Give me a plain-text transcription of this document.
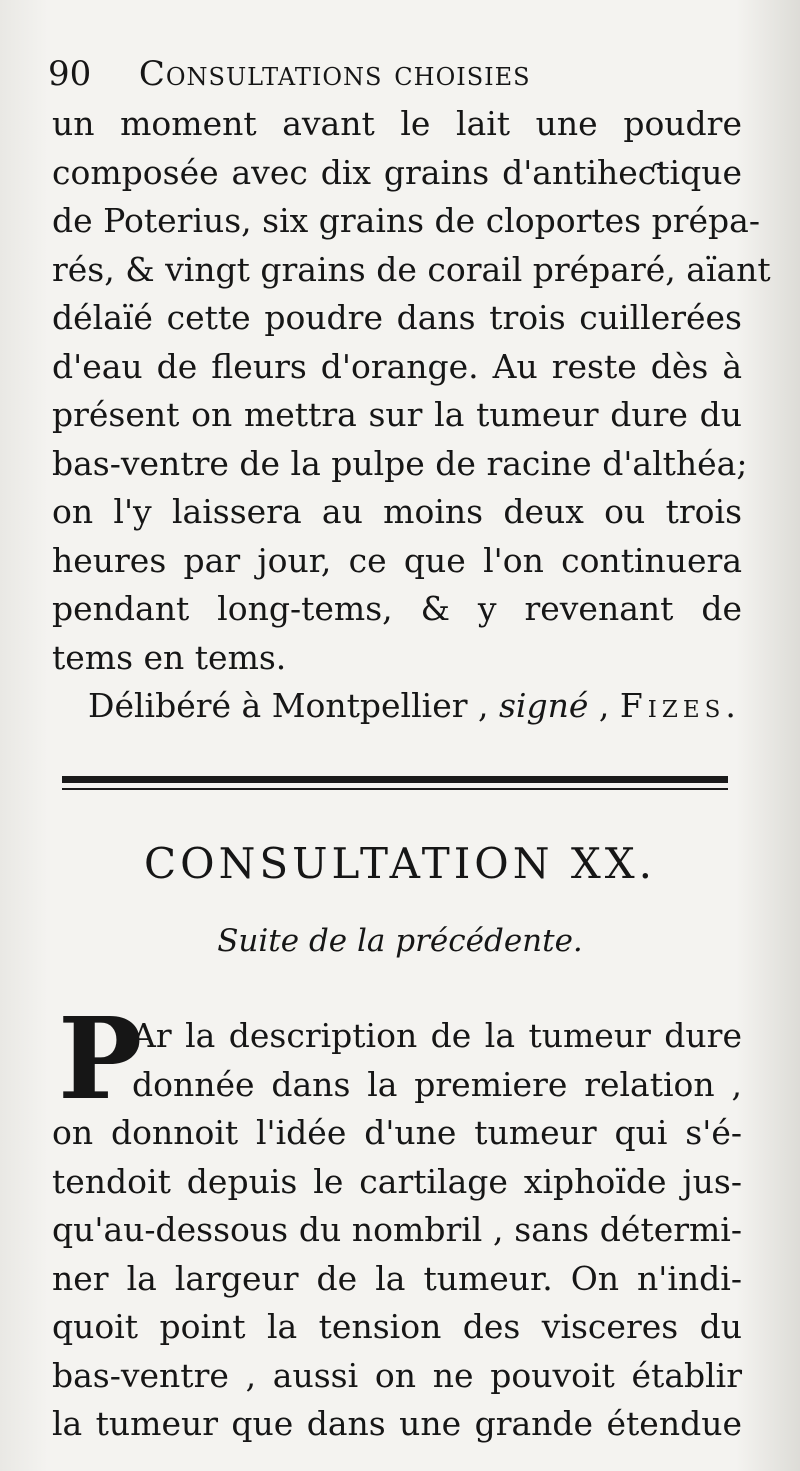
90 Consultations choisies
un moment avant le lait une poudre
composée avec dix grains d'antiheƈtique
de Poterius, six grains de cloportes prépa-
rés, & vingt grains de corail préparé, aïant
délaïé cette poudre dans trois cuillerées
d'eau de fleurs d'orange. Au reste dès à
présent on mettra sur la tumeur dure du
bas-ventre de la pulpe de racine d'althéa;
on l'y laissera au moins deux ou trois
heures par jour, ce que l'on continuera
pendant long-tems, & y revenant de
tems en tems.
Délibéré à Montpellier , signé , Fizes.
CONSULTATION XX.
Suite de la précédente.
P
Ar la description de la tumeur dure
donnée dans la premiere relation ,
on donnoit l'idée d'une tumeur qui s'é-
tendoit depuis le cartilage xiphoïde jus-
qu'au-dessous du nombril , sans détermi-
ner la largeur de la tumeur. On n'indi-
quoit point la tension des visceres du
bas-ventre , aussi on ne pouvoit établir
la tumeur que dans une grande étendue
